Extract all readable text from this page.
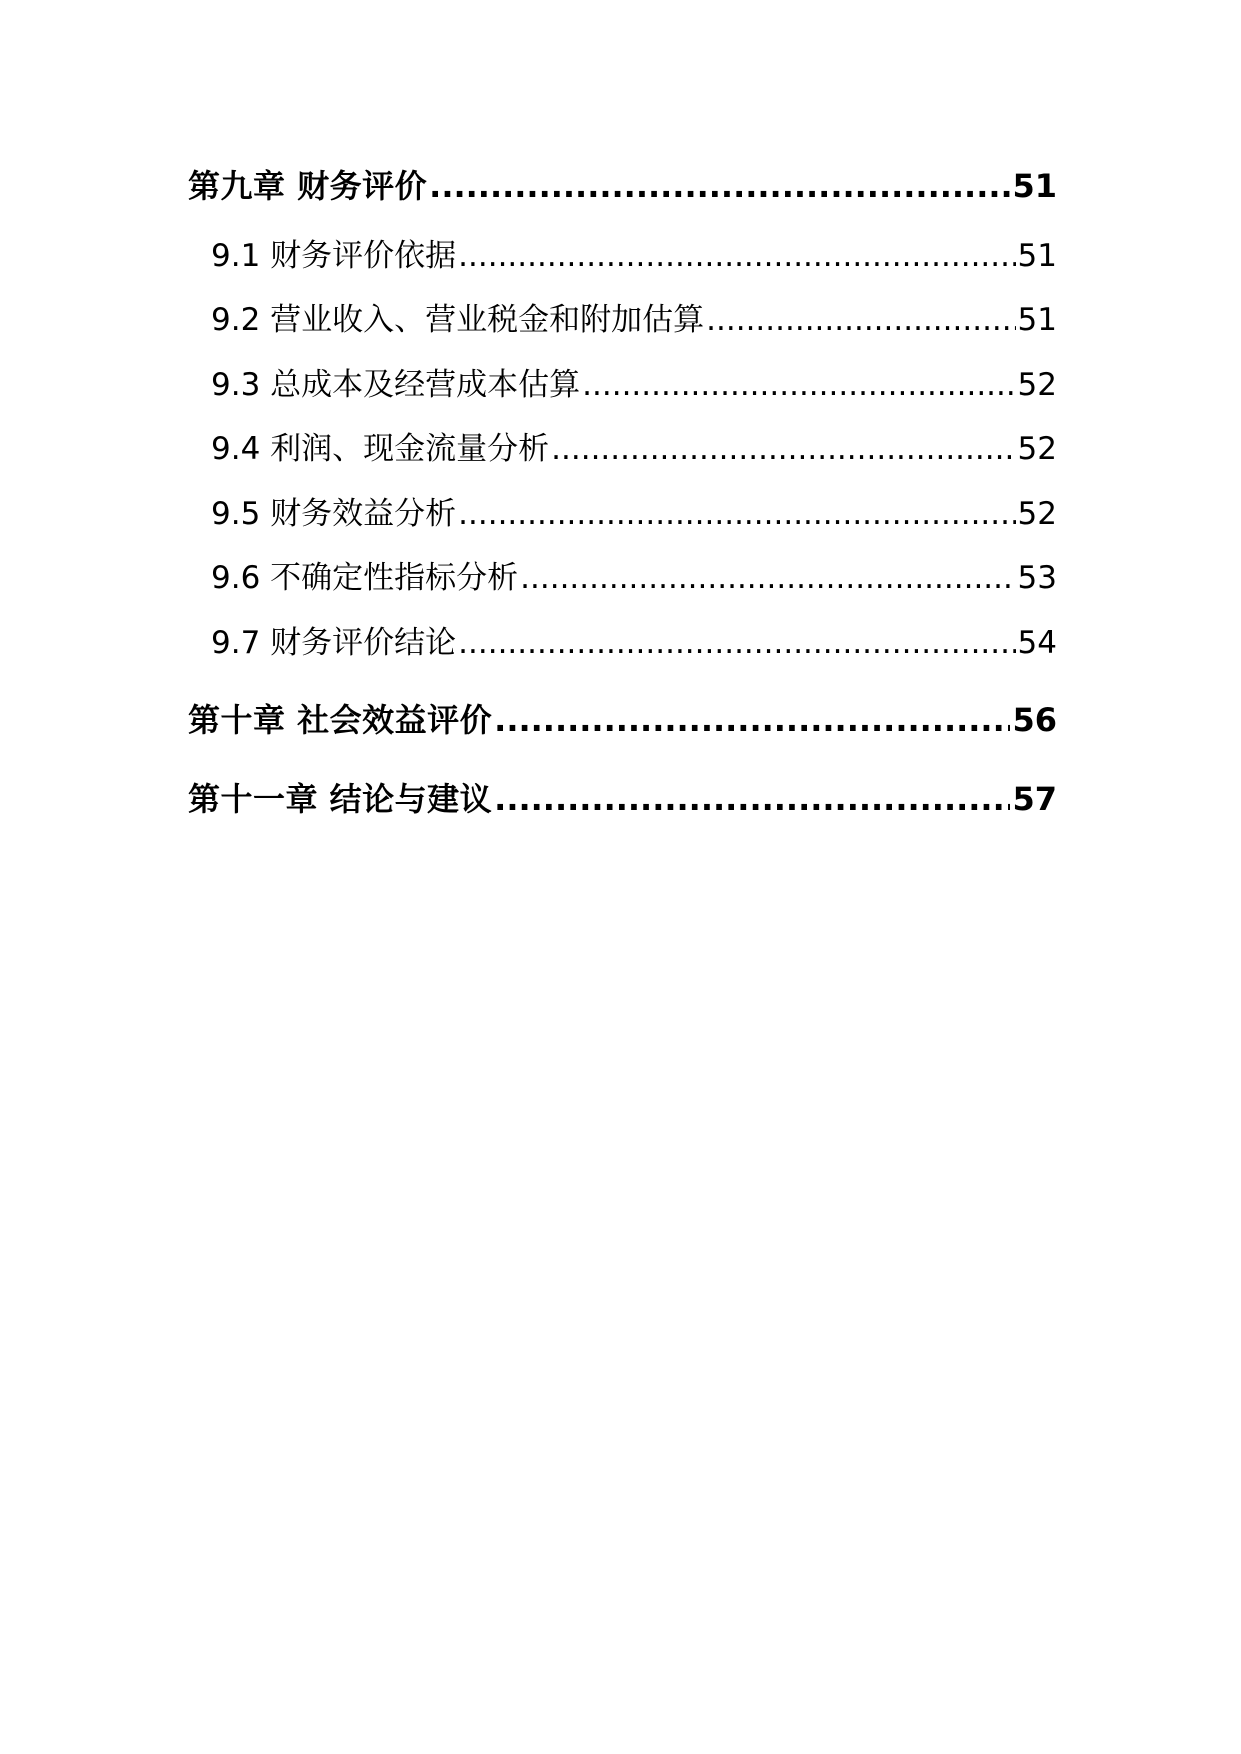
第九章 财务评价 .....	51
9.1 财务评价依据 .....	51
9.2 营业收入、营业税金和附加估算 .....	51
9.3 总成本及经营成本估算 .....	52
9.4 利润、现金流量分析 .....	52
9.5 财务效益分析 .....	52
9.6 不确定性指标分析 .....	53
9.7 财务评价结论 .....	54
第十章 社会效益评价 .....	56
第十一章 结论与建议 .....	57
